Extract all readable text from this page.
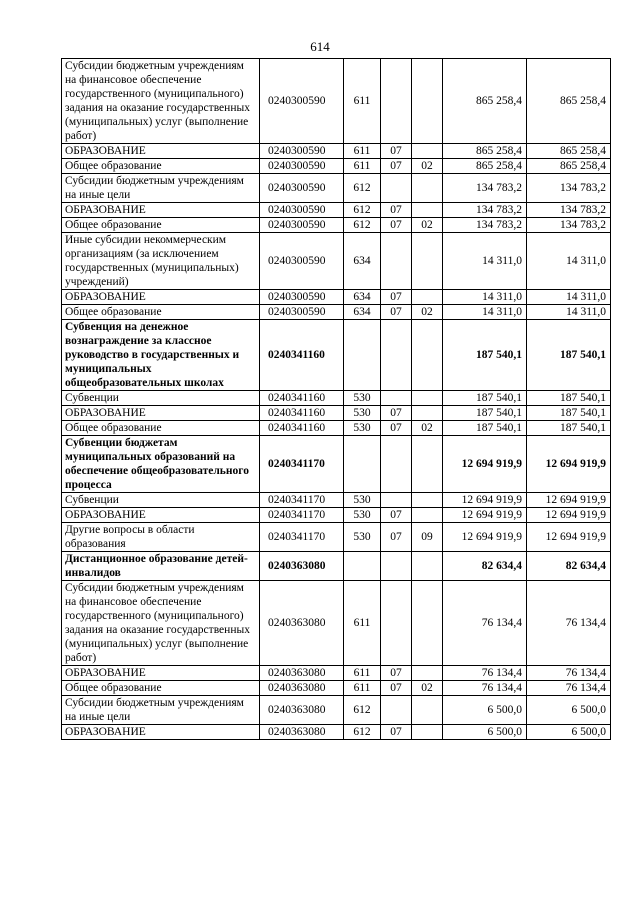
614
Субсидии бюджетным учреждениям на финансовое обеспечение государственного (муниципального) задания на оказание государственных (муниципальных) услуг (выполнение работ)	0240300590	611			865 258,4	865 258,4
ОБРАЗОВАНИЕ	0240300590	611	07		865 258,4	865 258,4
Общее образование	0240300590	611	07	02	865 258,4	865 258,4
Субсидии бюджетным учреждениям на иные цели	0240300590	612			134 783,2	134 783,2
ОБРАЗОВАНИЕ	0240300590	612	07		134 783,2	134 783,2
Общее образование	0240300590	612	07	02	134 783,2	134 783,2
Иные субсидии некоммерческим организациям (за исключением государственных (муниципальных) учреждений)	0240300590	634			14 311,0	14 311,0
ОБРАЗОВАНИЕ	0240300590	634	07		14 311,0	14 311,0
Общее образование	0240300590	634	07	02	14 311,0	14 311,0
Субвенция на денежное вознаграждение за классное руководство в государственных и муниципальных общеобразовательных школах	0240341160				187 540,1	187 540,1
Субвенции	0240341160	530			187 540,1	187 540,1
ОБРАЗОВАНИЕ	0240341160	530	07		187 540,1	187 540,1
Общее образование	0240341160	530	07	02	187 540,1	187 540,1
Субвенции бюджетам муниципальных образований на обеспечение общеобразовательного процесса	0240341170				12 694 919,9	12 694 919,9
Субвенции	0240341170	530			12 694 919,9	12 694 919,9
ОБРАЗОВАНИЕ	0240341170	530	07		12 694 919,9	12 694 919,9
Другие вопросы в области образования	0240341170	530	07	09	12 694 919,9	12 694 919,9
Дистанционное образование детей-инвалидов	0240363080				82 634,4	82 634,4
Субсидии бюджетным учреждениям на финансовое обеспечение государственного (муниципального) задания на оказание государственных (муниципальных) услуг (выполнение работ)	0240363080	611			76 134,4	76 134,4
ОБРАЗОВАНИЕ	0240363080	611	07		76 134,4	76 134,4
Общее образование	0240363080	611	07	02	76 134,4	76 134,4
Субсидии бюджетным учреждениям на иные цели	0240363080	612			6 500,0	6 500,0
ОБРАЗОВАНИЕ	0240363080	612	07		6 500,0	6 500,0
